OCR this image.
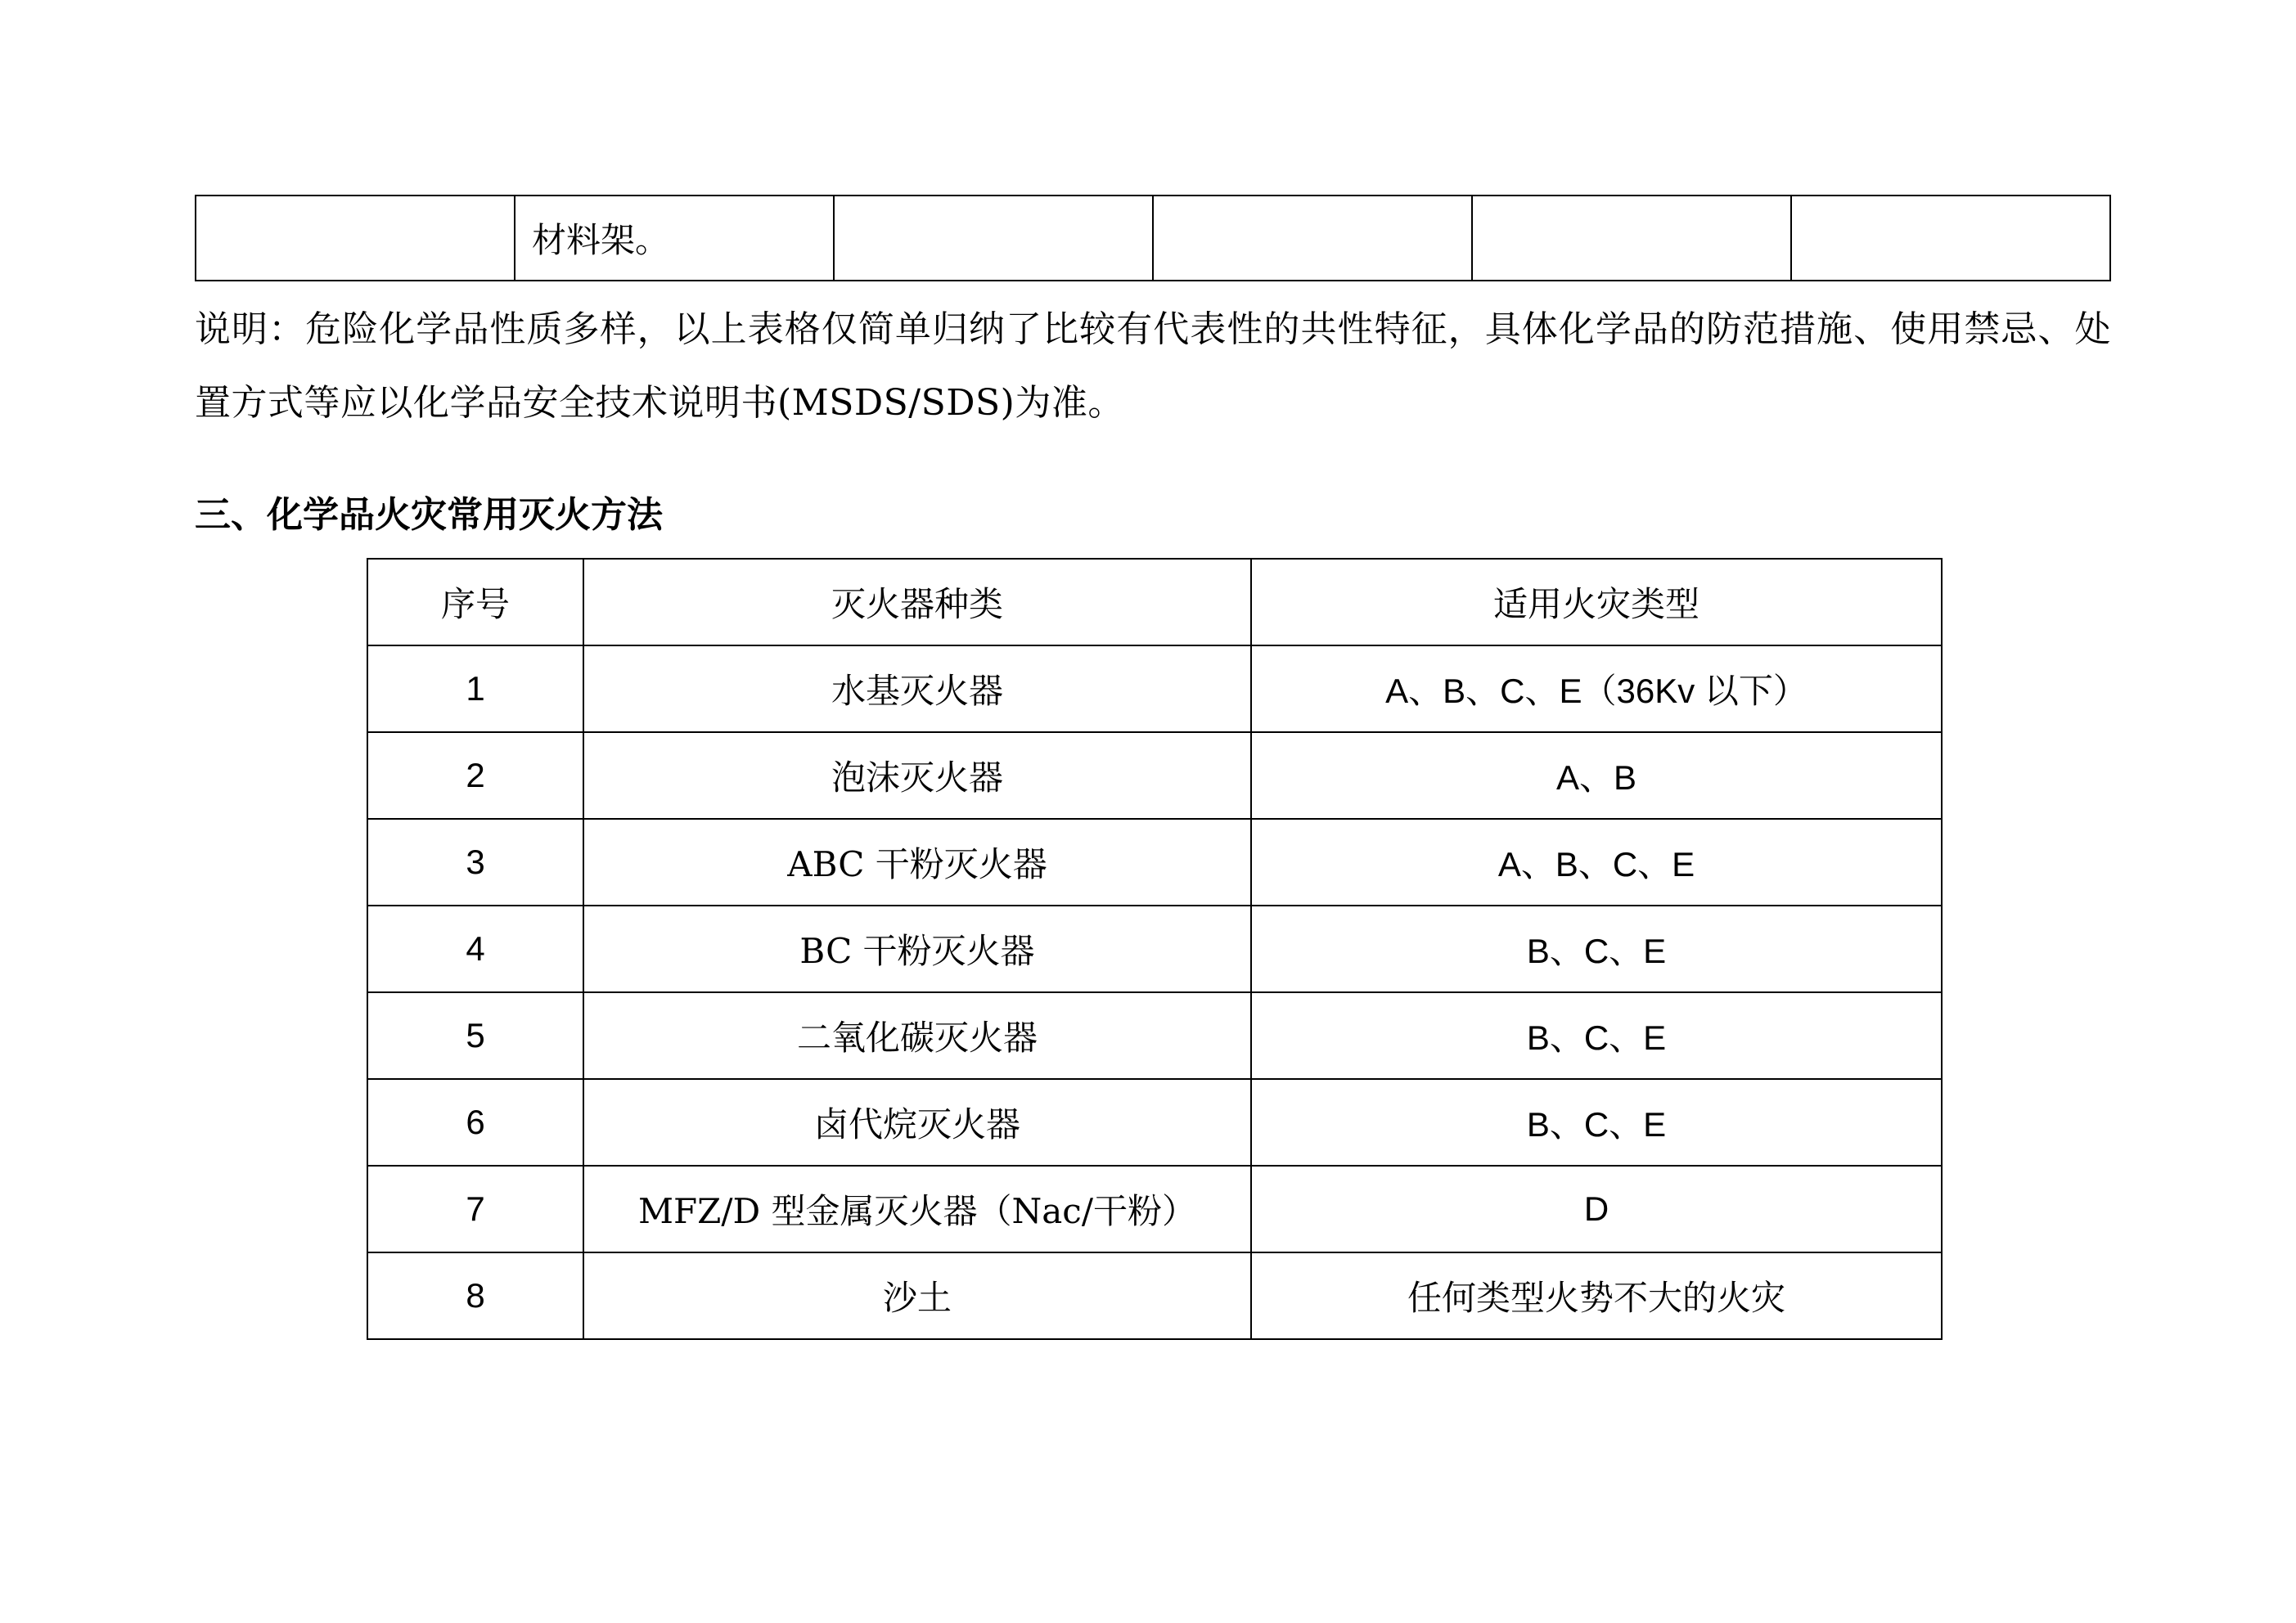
	材料架。				
说明：危险化学品性质多样，以上表格仅简单归纳了比较有代表性的共性特征，具体化学品的防范措施、使用禁忌、处置方式等应以化学品安全技术说明书(MSDS/SDS)为准。
三、化学品火灾常用灭火方法
序号	灭火器种类	适用火灾类型
1	水基灭火器	A、B、C、E（36Kv 以下）
2	泡沫灭火器	A、B
3	ABC 干粉灭火器	A、B、C、E
4	BC 干粉灭火器	B、C、E
5	二氧化碳灭火器	B、C、E
6	卤代烷灭火器	B、C、E
7	MFZ/D 型金属灭火器（Nac/干粉）	D
8	沙土	任何类型火势不大的火灾
